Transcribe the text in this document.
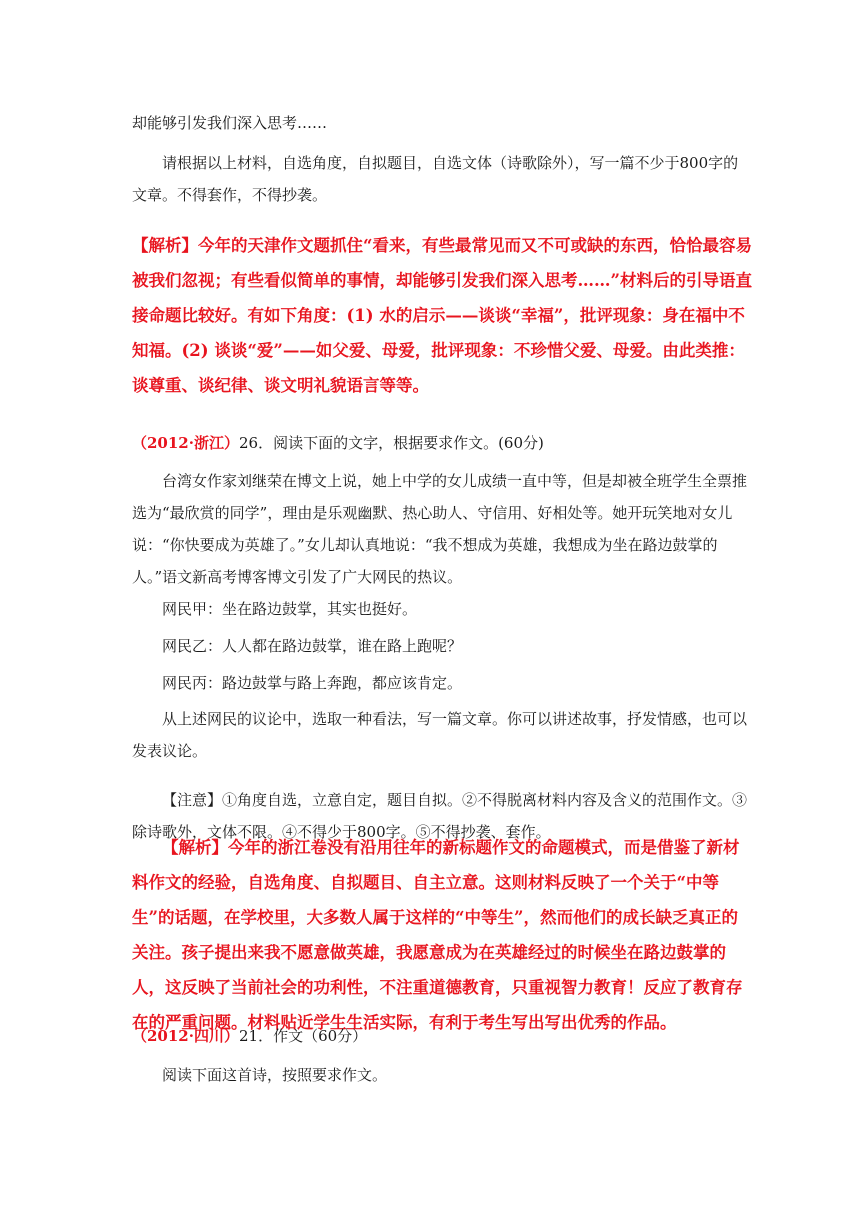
却能够引发我们深入思考……

请根据以上材料，自选角度，自拟题目，自选文体（诗歌除外），写一篇不少于800字的文章。不得套作，不得抄袭。

【解析】今年的天津作文题抓住“看来，有些最常见而又不可或缺的东西，恰恰最容易被我们忽视；有些看似简单的事情，却能够引发我们深入思考……”材料后的引导语直接命题比较好。有如下角度：(1) 水的启示——谈谈“幸福”，批评现象：身在福中不知福。(2) 谈谈“爱”——如父爱、母爱，批评现象：不珍惜父爱、母爱。由此类推：谈尊重、谈纪律、谈文明礼貌语言等等。

（2012·浙江）26．阅读下面的文字，根据要求作文。(60分)

台湾女作家刘继荣在博文上说，她上中学的女儿成绩一直中等，但是却被全班学生全票推选为“最欣赏的同学”，理由是乐观幽默、热心助人、守信用、好相处等。她开玩笑地对女儿说：“你快要成为英雄了。”女儿却认真地说：“我不想成为英雄，我想成为坐在路边鼓掌的人。”语文新高考博客博文引发了广大网民的热议。

网民甲：坐在路边鼓掌，其实也挺好。

网民乙：人人都在路边鼓掌，谁在路上跑呢？

网民丙：路边鼓掌与路上奔跑，都应该肯定。

从上述网民的议论中，选取一种看法，写一篇文章。你可以讲述故事，抒发情感，也可以发表议论。

【注意】①角度自选，立意自定，题目自拟。②不得脱离材料内容及含义的范围作文。③除诗歌外，文体不限。④不得少于800字。⑤不得抄袭、套作。

【解析】今年的浙江卷没有沿用往年的新标题作文的命题模式，而是借鉴了新材料作文的经验，自选角度、自拟题目、自主立意。这则材料反映了一个关于“中等生”的话题，在学校里，大多数人属于这样的“中等生”，然而他们的成长缺乏真正的关注。孩子提出来我不愿意做英雄，我愿意成为在英雄经过的时候坐在路边鼓掌的人，这反映了当前社会的功利性，不注重道德教育，只重视智力教育！反应了教育存在的严重问题。材料贴近学生生活实际，有利于考生写出写出优秀的作品。

（2012·四川）21．作文（60分）

阅读下面这首诗，按照要求作文。
